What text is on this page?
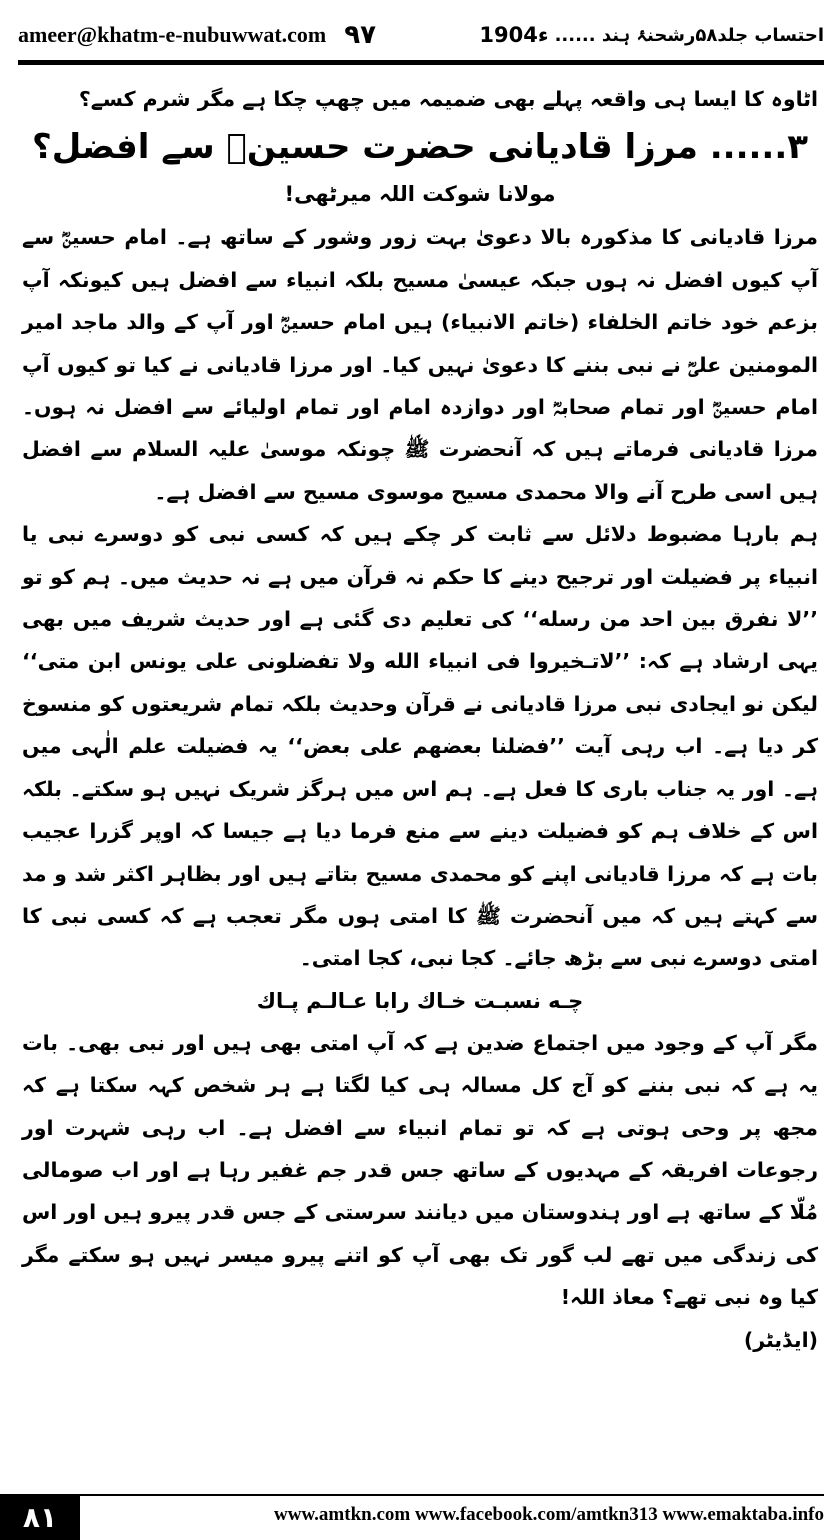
ameer@khatm-e-nubuwwat.com ۹۷	1904ء احتساب جلد۵۸رشحنۂ ہند ......

اٹاوہ کا ایسا ہی واقعہ پہلے بھی ضمیمہ میں چھپ چکا ہے مگر شرم کسے؟

۳...... مرزا قادیانی حضرت حسینؓ سے افضل؟

مولانا شوکت اللہ میرٹھی!

مرزا قادیانی کا مذکورہ بالا دعویٰ بہت زور وشور کے ساتھ ہے۔ امام حسینؓ سے آپ کیوں افضل نہ ہوں جبکہ عیسیٰ مسیح بلکہ انبیاء سے افضل ہیں کیونکہ آپ بزعم خود خاتم الخلفاء (خاتم الانبیاء) ہیں امام حسینؓ اور آپ کے والد ماجد امیر المومنین علیؓ نے نبی بننے کا دعویٰ نہیں کیا۔ اور مرزا قادیانی نے کیا تو کیوں آپ امام حسینؓ اور تمام صحابہؓ اور دوازدہ امام اور تمام اولیائے سے افضل نہ ہوں۔ مرزا قادیانی فرماتے ہیں کہ آنحضرت ﷺ چونکہ موسیٰ علیہ السلام سے افضل ہیں اسی طرح آنے والا محمدی مسیح موسوی مسیح سے افضل ہے۔

ہم بارہا مضبوط دلائل سے ثابت کر چکے ہیں کہ کسی نبی کو دوسرے نبی یا انبیاء پر فضیلت اور ترجیح دینے کا حکم نہ قرآن میں ہے نہ حدیث میں۔ ہم کو تو ’’لا نفرق بين احد من رسله‘‘ کی تعلیم دی گئی ہے اور حدیث شریف میں بھی یہی ارشاد ہے کہ: ’’لاتـخيروا فی انبياء الله ولا تفضلونی علی يونس ابن متی‘‘ لیکن نو ایجادی نبی مرزا قادیانی نے قرآن وحدیث بلکہ تمام شریعتوں کو منسوخ کر دیا ہے۔ اب رہی آیت ’’فضلنا بعضهم علی بعض‘‘ یہ فضیلت علم الٰہی میں ہے۔ اور یہ جناب باری کا فعل ہے۔ ہم اس میں ہرگز شریک نہیں ہو سکتے۔ بلکہ اس کے خلاف ہم کو فضیلت دینے سے منع فرما دیا ہے جیسا کہ اوپر گزرا عجیب بات ہے کہ مرزا قادیانی اپنے کو محمدی مسیح بتاتے ہیں اور بظاہر اکثر شد و مد سے کہتے ہیں کہ میں آنحضرت ﷺ کا امتی ہوں مگر تعجب ہے کہ کسی نبی کا امتی دوسرے نبی سے بڑھ جائے۔ کجا نبی، کجا امتی۔

چـه نسبـت خـاك رابا عـالـم پـاك

مگر آپ کے وجود میں اجتماع ضدین ہے کہ آپ امتی بھی ہیں اور نبی بھی۔ بات یہ ہے کہ نبی بننے کو آج کل مسالہ ہی کیا لگتا ہے ہر شخص کہہ سکتا ہے کہ مجھ پر وحی ہوتی ہے کہ تو تمام انبیاء سے افضل ہے۔ اب رہی شہرت اور رجوعات افریقہ کے مہدیوں کے ساتھ جس قدر جم غفیر رہا ہے اور اب صومالی مُلّا کے ساتھ ہے اور ہندوستان میں دیانند سرستی کے جس قدر پیرو ہیں اور اس کی زندگی میں تھے لب گور تک بھی آپ کو اتنے پیرو میسر نہیں ہو سکتے مگر کیا وہ نبی تھے؟ معاذ اللہ!

(ایڈیٹر)

۸۱	www.amtkn.com www.facebook.com/amtkn313 www.emaktaba.info
